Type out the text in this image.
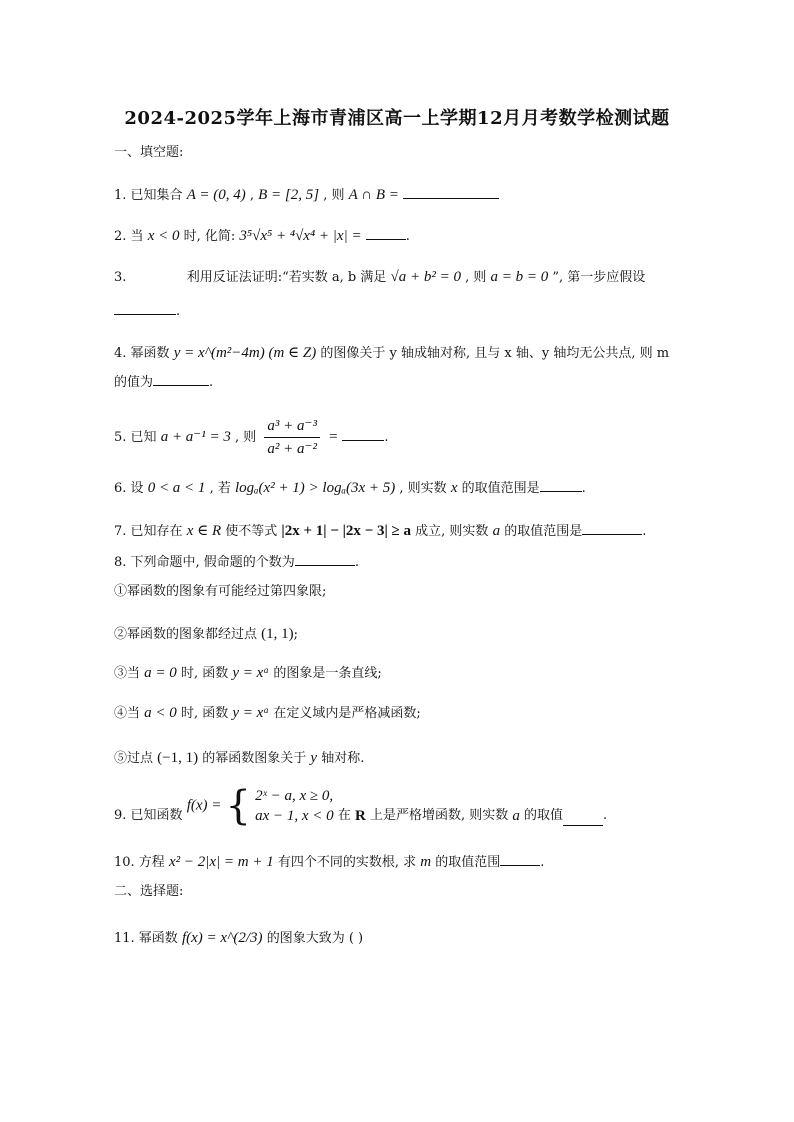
2024-2025学年上海市青浦区高一上学期12月月考数学检测试题
一、填空题:
1. 已知集合 A = (0, 4) , B = [2, 5] , 则 A ∩ B =
2. 当 x < 0 时, 化简: 3⁵√x⁵ + ⁴√x⁴ + |x| =	.
3.	利用反证法证明:“若实数 a, b 满足 √a + b² = 0 , 则 a = b = 0 ”, 第一步应假设
.
4. 幂函数 y = x^(m²−4m) (m ∈ Z) 的图像关于 y 轴成轴对称, 且与 x 轴、y 轴均无公共点, 则 m
的值为	.
5. 已知 a + a⁻¹ = 3 , 则 $\frac{\text{a³ + a⁻³}}{\text{a² + a⁻²}}$ =	.
6. 设 0 < a < 1 , 若 logₐ(x² + 1) > logₐ(3x + 5) , 则实数 x 的取值范围是	.
7. 已知存在 x ∈ R 使不等式 |2x + 1| − |2x − 3| ≥ a 成立, 则实数 a 的取值范围是	.
8. 下列命题中, 假命题的个数为	.
①幂函数的图象有可能经过第四象限;
②幂函数的图象都经过点 (1, 1);
③当 a = 0 时, 函数 y = xᵃ 的图象是一条直线;
④当 a < 0 时, 函数 y = xᵃ 在定义域内是严格减函数;
⑤过点 (−1, 1) 的幂函数图象关于 y 轴对称.
9. 已知函数 f(x) = { 2ˣ − a, x ≥ 0,
ax − 1, x < 0 在 R 上是严格增函数, 则实数 a 的取值	.
10. 方程 x² − 2|x| = m + 1 有四个不同的实数根, 求 m 的取值范围	.
二、选择题:
11. 幂函数 f(x) = x^(2/3) 的图象大致为 ( )
